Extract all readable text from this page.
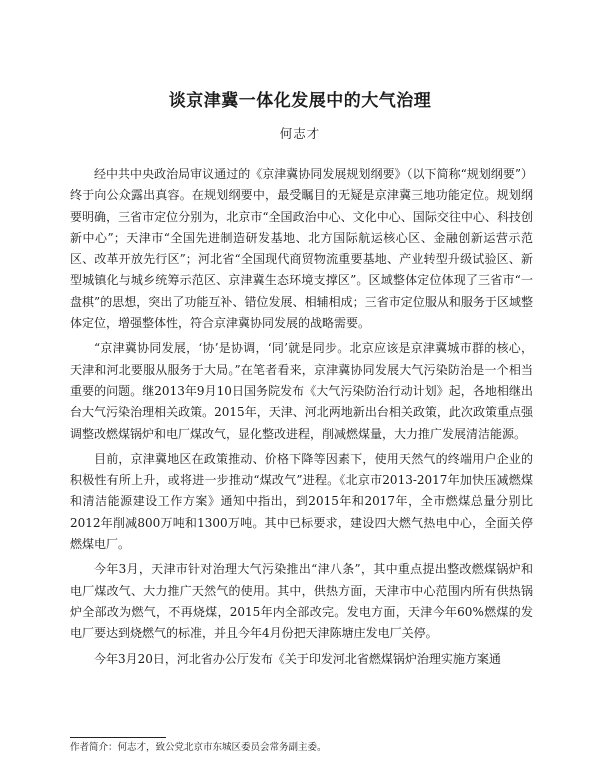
谈京津冀一体化发展中的大气治理
何志才

经中共中央政治局审议通过的《京津冀协同发展规划纲要》（以下简称“规划纲要”）终于向公众露出真容。在规划纲要中，最受瞩目的无疑是京津冀三地功能定位。规划纲要明确，三省市定位分别为，北京市“全国政治中心、文化中心、国际交往中心、科技创新中心”；天津市“全国先进制造研发基地、北方国际航运核心区、金融创新运营示范区、改革开放先行区”；河北省“全国现代商贸物流重要基地、产业转型升级试验区、新型城镇化与城乡统筹示范区、京津冀生态环境支撑区”。区域整体定位体现了三省市“一盘棋”的思想，突出了功能互补、错位发展、相辅相成；三省市定位服从和服务于区域整体定位，增强整体性，符合京津冀协同发展的战略需要。

“京津冀协同发展，‘协’是协调，‘同’就是同步。北京应该是京津冀城市群的核心，天津和河北要服从服务于大局。”在笔者看来，京津冀协同发展大气污染防治是一个相当重要的问题。继2013年9月10日国务院发布《大气污染防治行动计划》起，各地相继出台大气污染治理相关政策。2015年，天津、河北两地新出台相关政策，此次政策重点强调整改燃煤锅炉和电厂煤改气，显化整改进程，削减燃煤量，大力推广发展清洁能源。

目前，京津冀地区在政策推动、价格下降等因素下，使用天然气的终端用户企业的积极性有所上升，或将进一步推动“煤改气”进程。《北京市2013-2017年加快压减燃煤和清洁能源建设工作方案》通知中指出，到2015年和2017年，全市燃煤总量分别比2012年削减800万吨和1300万吨。其中已标要求，建设四大燃气热电中心，全面关停燃煤电厂。

今年3月，天津市针对治理大气污染推出“津八条”，其中重点提出整改燃煤锅炉和电厂煤改气、大力推广天然气的使用。其中，供热方面，天津市中心范围内所有供热锅炉全部改为燃气，不再烧煤，2015年内全部改完。发电方面，天津今年60%燃煤的发电厂要达到烧燃气的标准，并且今年4月份把天津陈塘庄发电厂关停。

今年3月20日，河北省办公厅发布《关于印发河北省燃煤锅炉治理实施方案通

作者简介：何志才，致公党北京市东城区委员会常务副主委。
